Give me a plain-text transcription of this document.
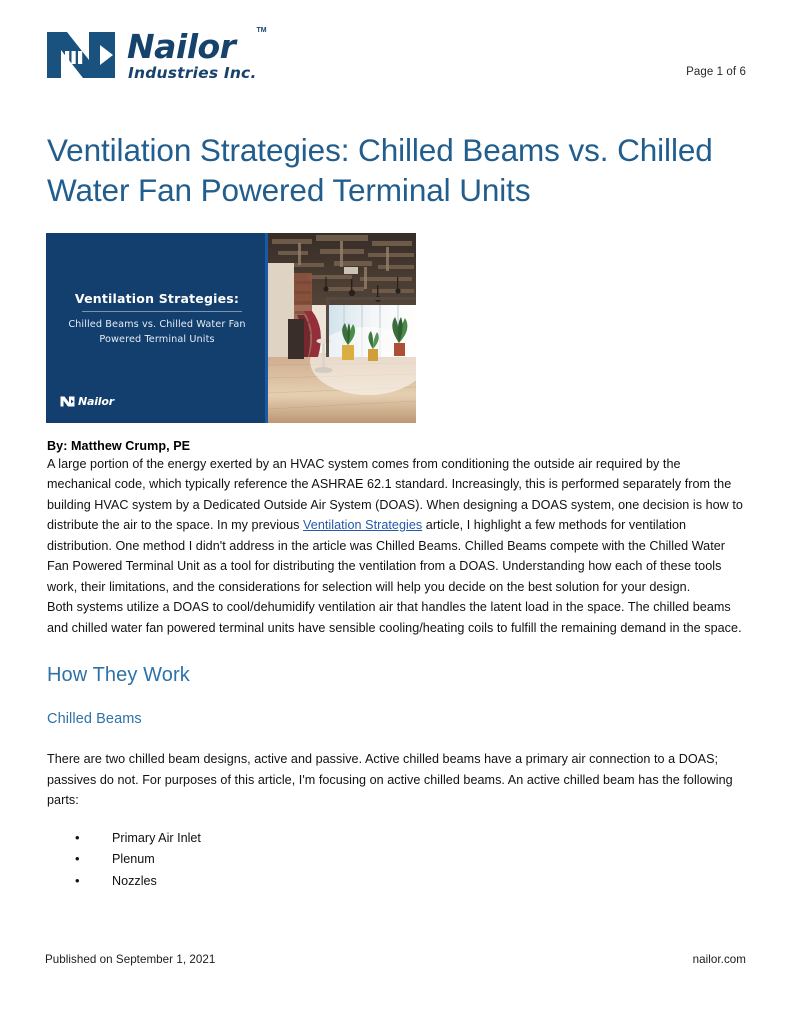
Nailor	TM
Industries Inc.	Page 1 of 6
Ventilation Strategies: Chilled Beams vs. Chilled Water Fan Powered Terminal Units
Ventilation Strategies:
Chilled Beams vs. Chilled Water Fan Powered Terminal Units
Nailor
By: Matthew Crump, PE

A large portion of the energy exerted by an HVAC system comes from conditioning the outside air required by the mechanical code, which typically reference the ASHRAE 62.1 standard. Increasingly, this is performed separately from the building HVAC system by a Dedicated Outside Air System (DOAS). When designing a DOAS system, one decision is how to distribute the air to the space. In my previous Ventilation Strategies article, I highlight a few methods for ventilation distribution. One method I didn't address in the article was Chilled Beams. Chilled Beams compete with the Chilled Water Fan Powered Terminal Unit as a tool for distributing the ventilation from a DOAS. Understanding how each of these tools work, their limitations, and the considerations for selection will help you decide on the best solution for your design.

Both systems utilize a DOAS to cool/dehumidify ventilation air that handles the latent load in the space. The chilled beams and chilled water fan powered terminal units have sensible cooling/heating coils to fulfill the remaining demand in the space.

How They Work
Chilled Beams

There are two chilled beam designs, active and passive. Active chilled beams have a primary air connection to a DOAS; passives do not. For purposes of this article, I'm focusing on active chilled beams. An active chilled beam has the following parts:

• Primary Air Inlet
• Plenum
• Nozzles
Published on September 1, 2021	nailor.com
